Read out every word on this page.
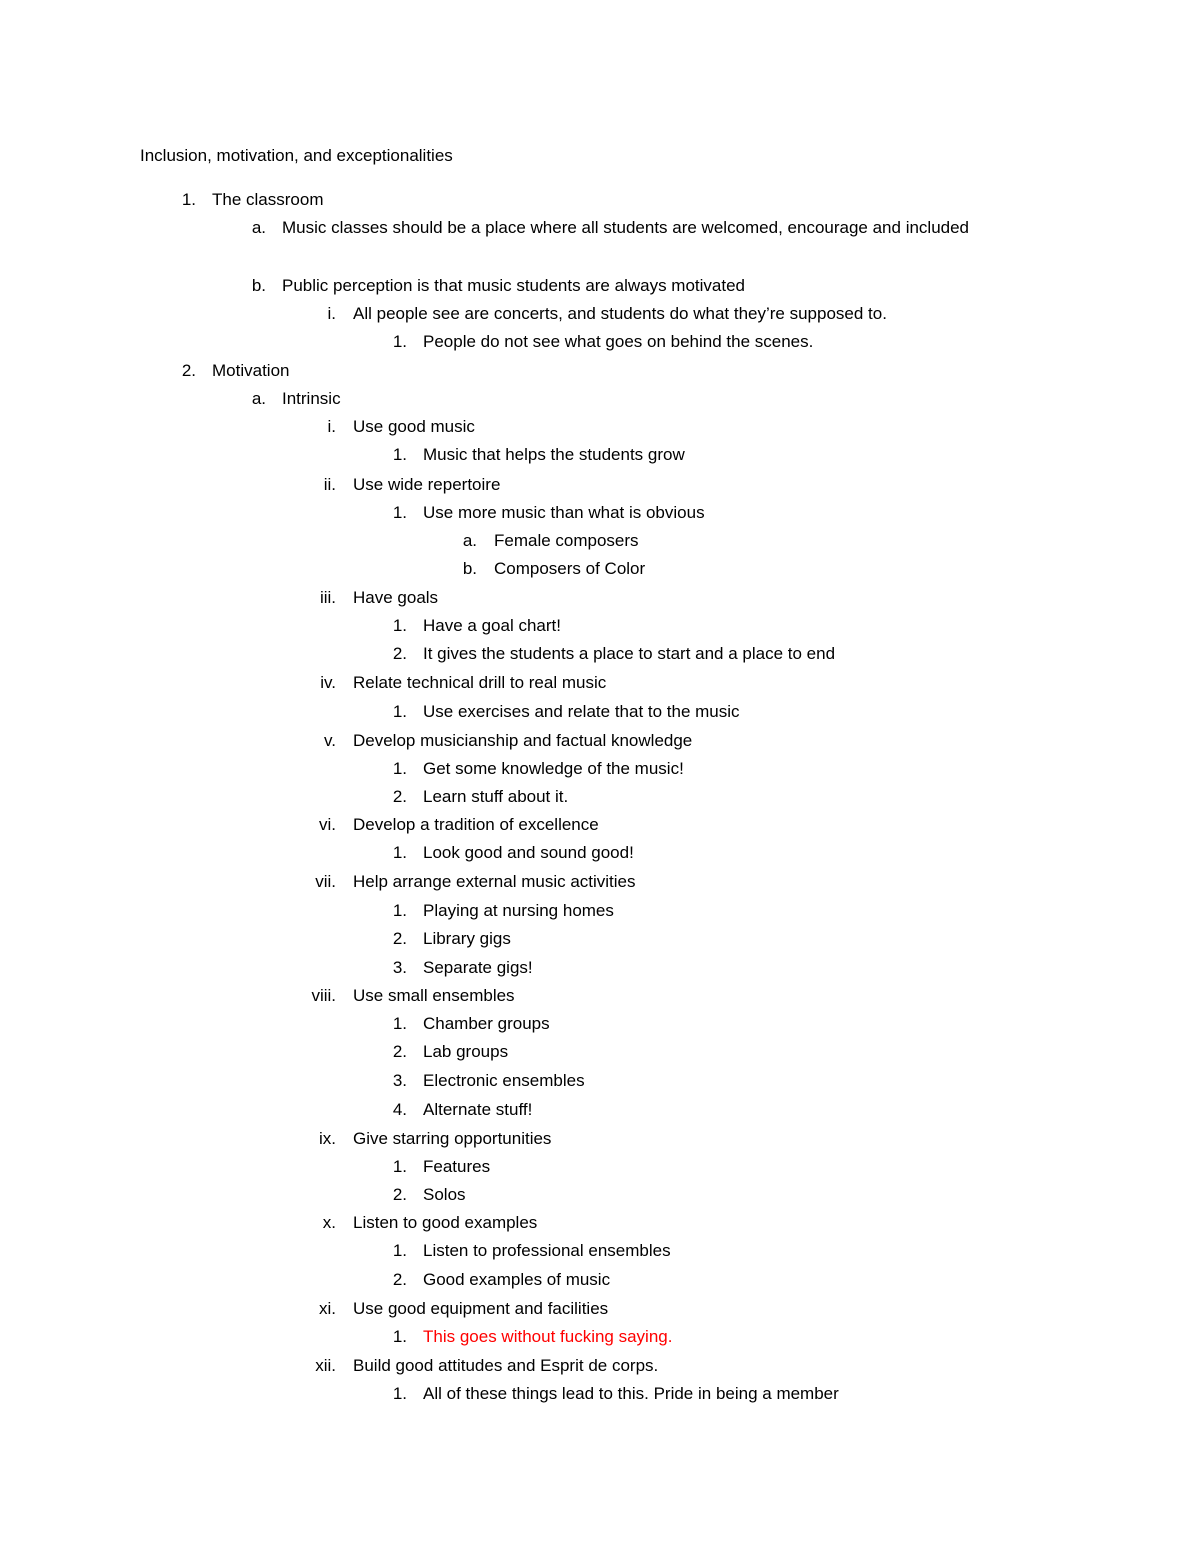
Inclusion, motivation, and exceptionalities
1. The classroom
a. Music classes should be a place where all students are welcomed, encourage and included
b. Public perception is that music students are always motivated
i. All people see are concerts, and students do what they’re supposed to.
1. People do not see what goes on behind the scenes.
2. Motivation
a. Intrinsic
i. Use good music
1. Music that helps the students grow
ii. Use wide repertoire
1. Use more music than what is obvious
a. Female composers
b. Composers of Color
iii. Have goals
1. Have a goal chart!
2. It gives the students a place to start and a place to end
iv. Relate technical drill to real music
1. Use exercises and relate that to the music
v. Develop musicianship and factual knowledge
1. Get some knowledge of the music!
2. Learn stuff about it.
vi. Develop a tradition of excellence
1. Look good and sound good!
vii. Help arrange external music activities
1. Playing at nursing homes
2. Library gigs
3. Separate gigs!
viii. Use small ensembles
1. Chamber groups
2. Lab groups
3. Electronic ensembles
4. Alternate stuff!
ix. Give starring opportunities
1. Features
2. Solos
x. Listen to good examples
1. Listen to professional ensembles
2. Good examples of music
xi. Use good equipment and facilities
1. This goes without fucking saying.
xii. Build good attitudes and Esprit de corps.
1. All of these things lead to this. Pride in being a member
